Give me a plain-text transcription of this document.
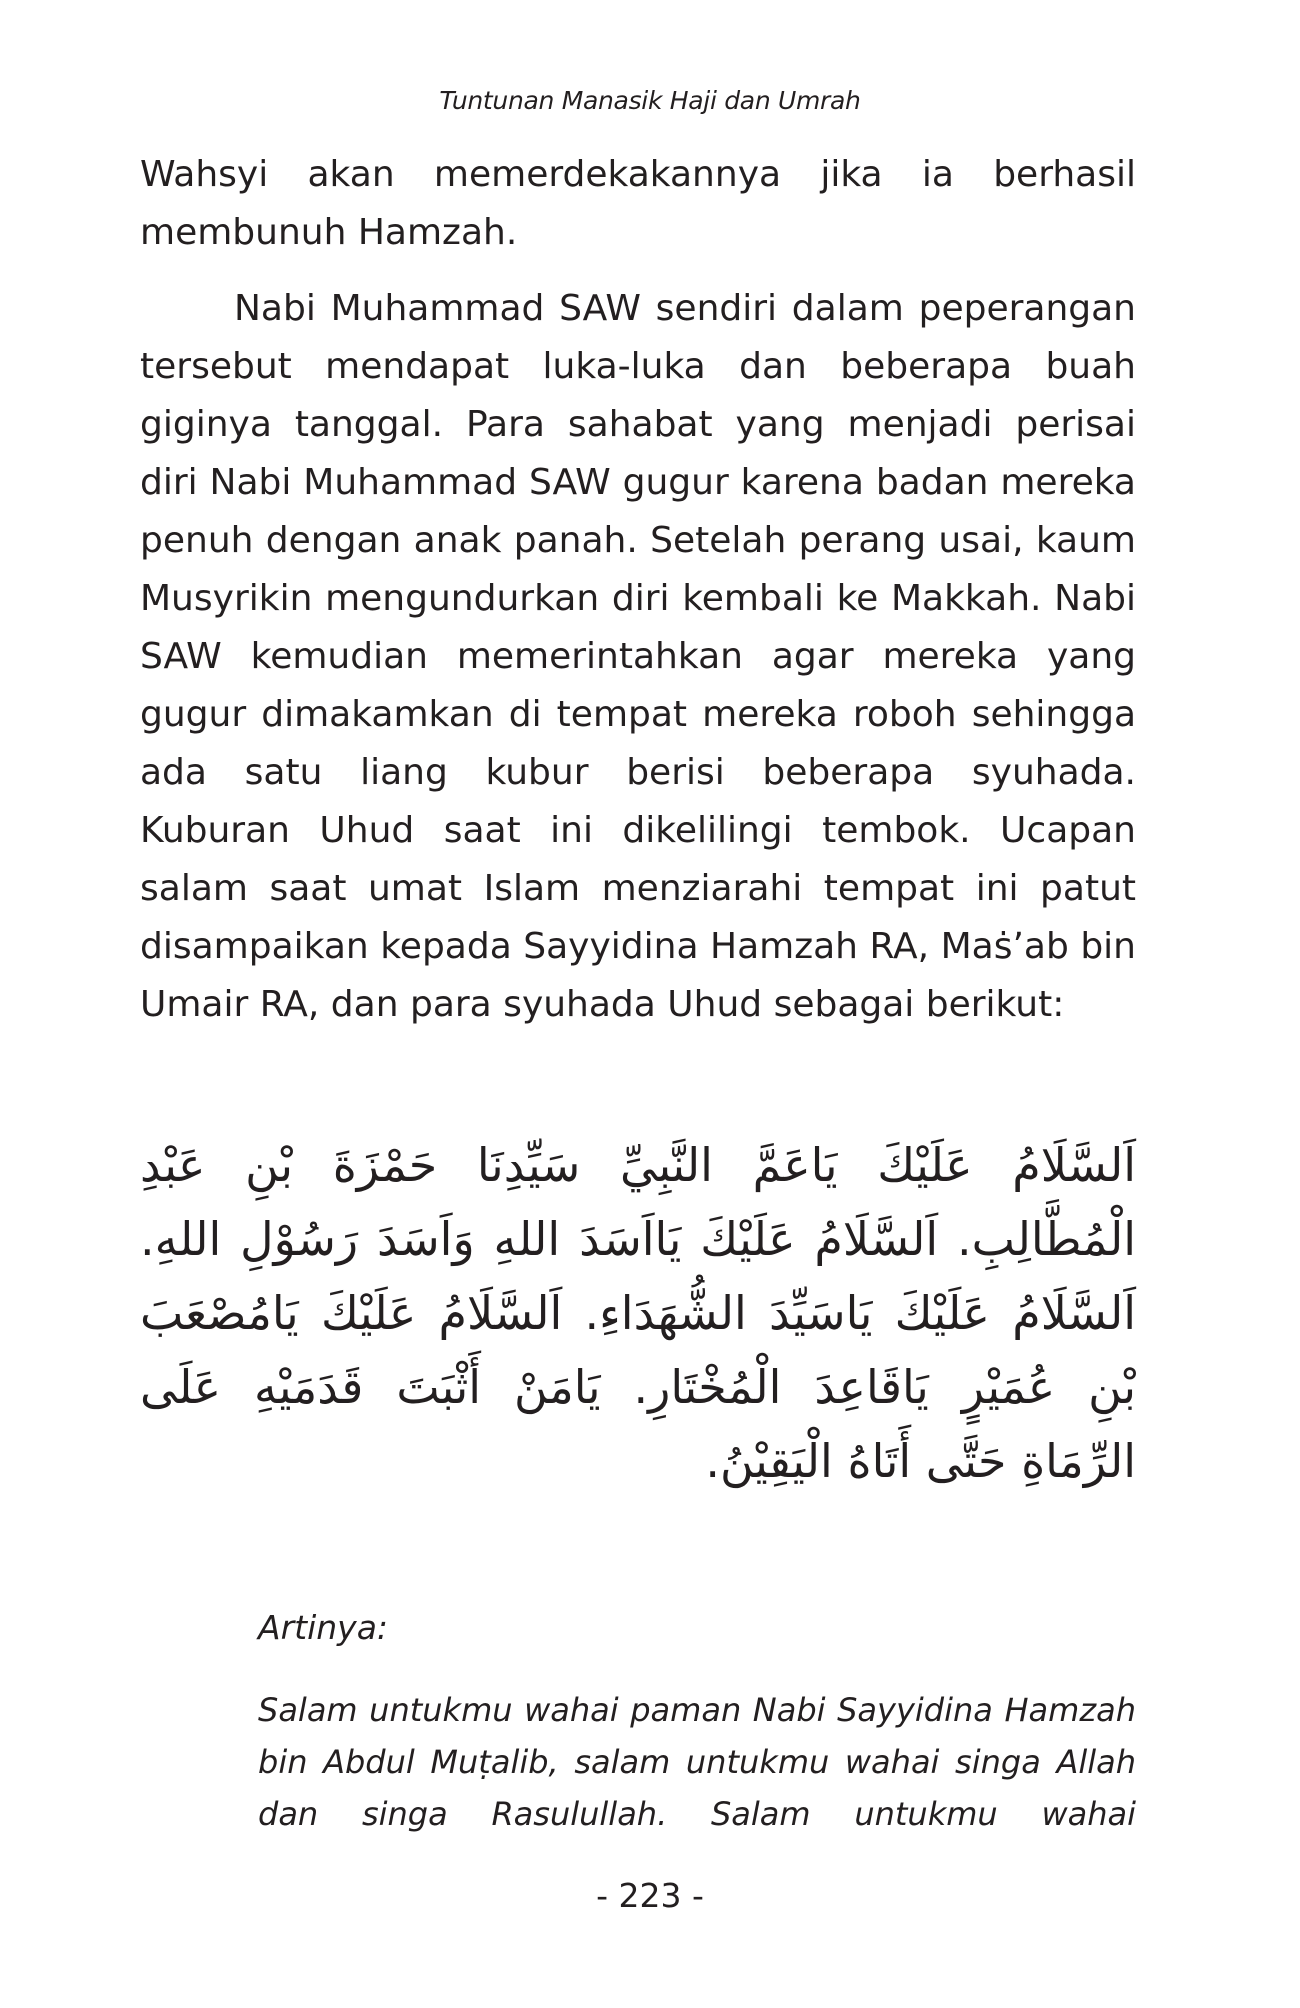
Tuntunan Manasik Haji dan Umrah

Wahsyi akan memerdekakannya jika ia berhasil membunuh Hamzah.

Nabi Muhammad SAW sendiri dalam peperangan tersebut mendapat luka-luka dan beberapa buah giginya tanggal. Para sahabat yang menjadi perisai diri Nabi Muhammad SAW gugur karena badan mereka penuh dengan anak panah. Setelah perang usai, kaum Musyrikin mengundurkan diri kembali ke Makkah. Nabi SAW kemudian memerintahkan agar mereka yang gugur dimakamkan di tempat mereka roboh sehingga ada satu liang kubur berisi beberapa syuhada. Kuburan Uhud saat ini dikelilingi tembok. Ucapan salam saat umat Islam menziarahi tempat ini patut disampaikan kepada Sayyidina Hamzah RA, Maṡ’ab bin Umair RA, dan para syuhada Uhud sebagai berikut:

اَلسَّلَامُ عَلَيْكَ يَاعَمَّ النَّبِيِّ سَيِّدِنَا حَمْزَةَ بْنِ عَبْدِ الْمُطَّالِبِ. اَلسَّلَامُ عَلَيْكَ يَااَسَدَ اللهِ وَاَسَدَ رَسُوْلِ اللهِ. اَلسَّلَامُ عَلَيْكَ يَاسَيِّدَ الشُّهَدَاءِ. اَلسَّلَامُ عَلَيْكَ يَامُصْعَبَ بْنِ عُمَيْرٍ يَاقَاعِدَ الْمُخْتَارِ. يَامَنْ أَثْبَتَ قَدَمَيْهِ عَلَى الرِّمَاةِ حَتَّى أَتَاهُ الْيَقِيْنُ.

Artinya:

Salam untukmu wahai paman Nabi Sayyidina Hamzah bin Abdul Muṭalib, salam untukmu wahai singa Allah dan singa Rasulullah. Salam untukmu wahai

- 223 -
